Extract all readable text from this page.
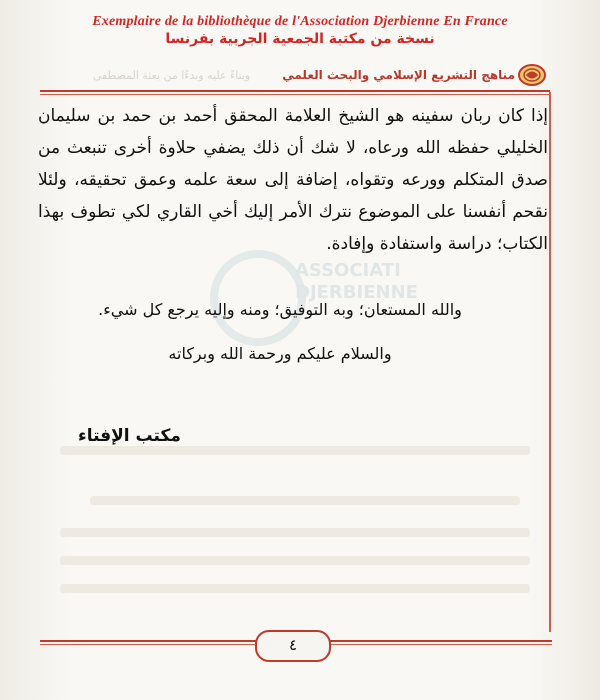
Exemplaire de la bibliothèque de l'Association Djerbienne En France
نسخة من مكتبة الجمعية الجربية بفرنسا
مناهج التشريع الإسلامي والبحث العلمي
وبناءً عليه وبدءًا من بعثة المصطفى
ASSOCIATI
DJERBIENNE

إذا كان ربان سفينه هو الشيخ العلامة المحقق أحمد بن حمد بن سليمان الخليلي حفظه الله ورعاه، لا شك أن ذلك يضفي حلاوة أخرى تنبعث من صدق المتكلم وورعه وتقواه، إضافة إلى سعة علمه وعمق تحقيقه، ولئلا نقحم أنفسنا على الموضوع نترك الأمر إليك أخي القاري لكي تطوف بهذا الكتاب؛ دراسة واستفادة وإفادة.

والله المستعان؛ وبه التوفيق؛ ومنه وإليه يرجع كل شيء.
والسلام عليكم ورحمة الله وبركاته
مكتب الإفتاء
٤
